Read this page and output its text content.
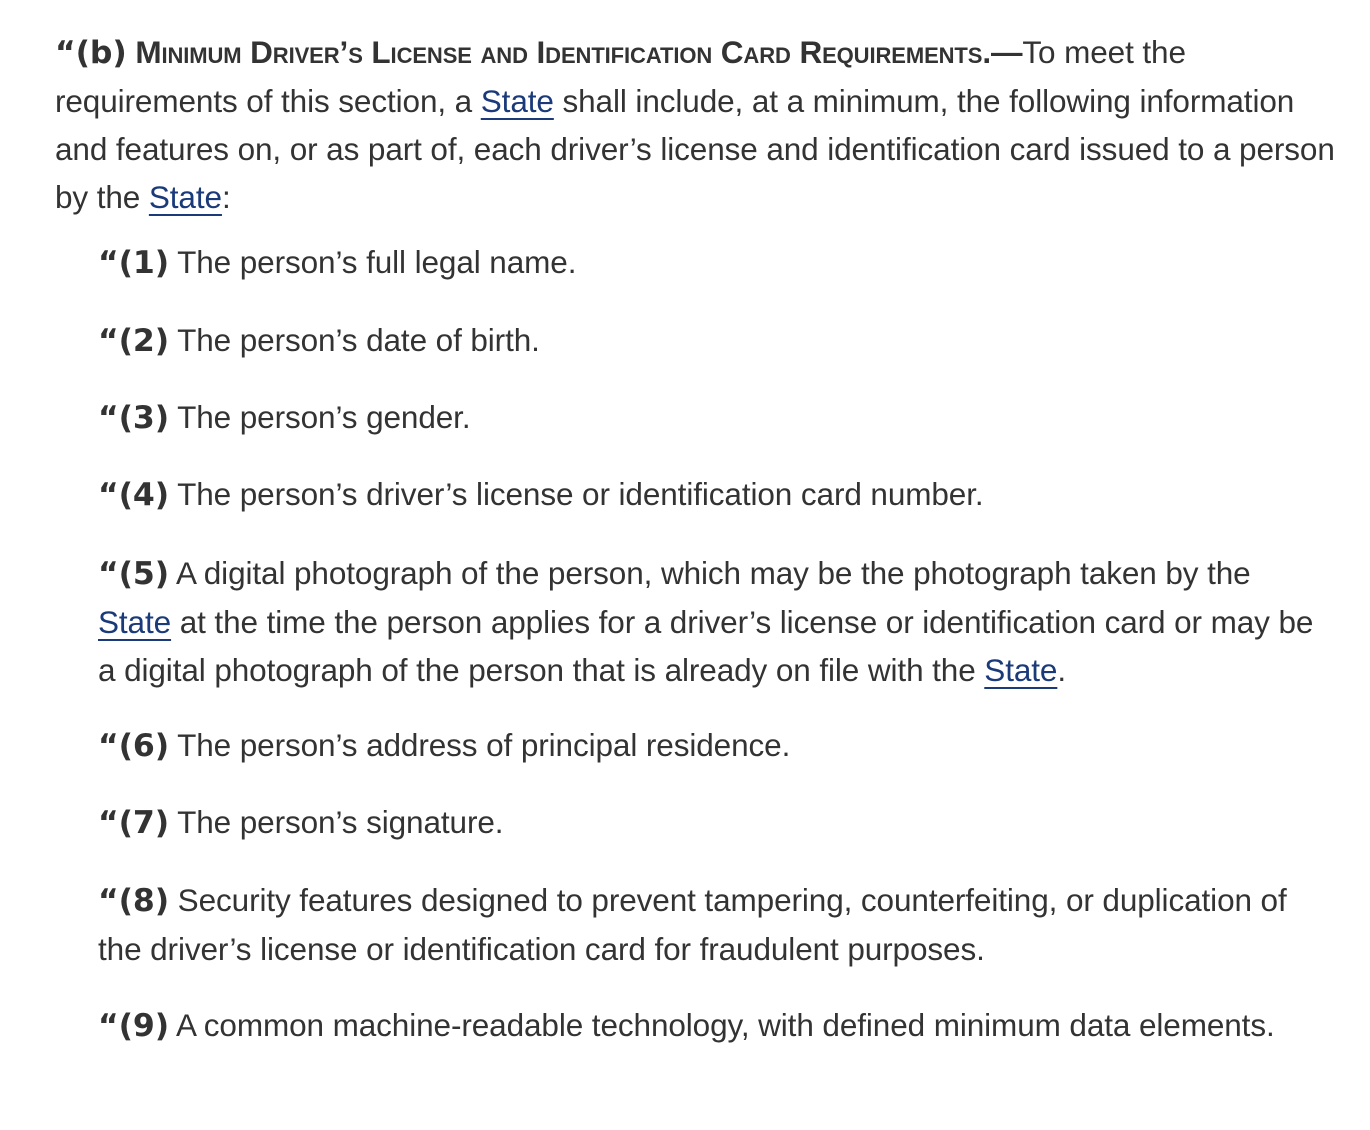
“(b) Minimum Driver’s License and Identification Card Requirements.—To meet the requirements of this section, a State shall include, at a minimum, the following information and features on, or as part of, each driver’s license and identification card issued to a person by the State:

“(1) The person’s full legal name.
“(2) The person’s date of birth.
“(3) The person’s gender.
“(4) The person’s driver’s license or identification card number.
“(5) A digital photograph of the person, which may be the photograph taken by the State at the time the person applies for a driver’s license or identification card or may be a digital photograph of the person that is already on file with the State.
“(6) The person’s address of principal residence.
“(7) The person’s signature.
“(8) Security features designed to prevent tampering, counterfeiting, or duplication of the driver’s license or identification card for fraudulent purposes.
“(9) A common machine-readable technology, with defined minimum data elements.
